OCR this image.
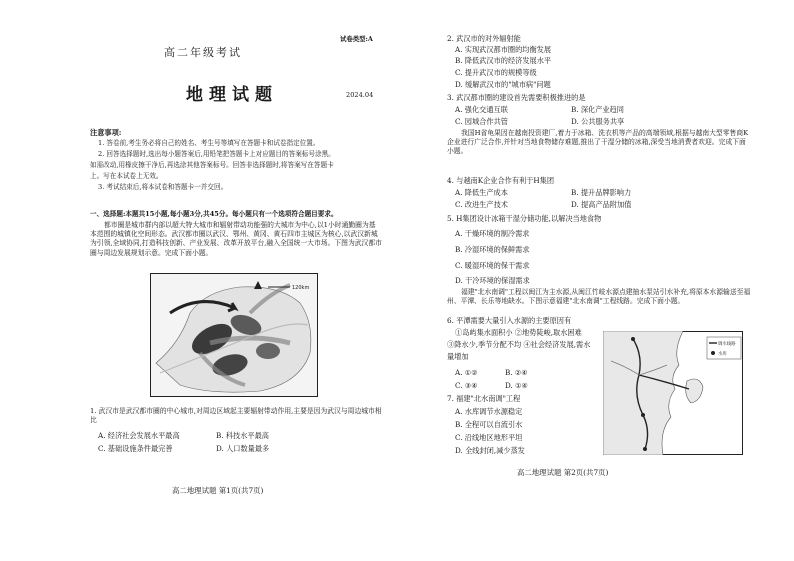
试卷类型:A
高二年级考试
地理试题	2024.04
注意事项:
1. 答卷前,考生务必将自己的姓名、考生号等填写在答题卡和试卷指定位置。
2. 回答选择题时,选出每小题答案后,用铅笔把答题卡上对应题目的答案标号涂黑。
如需改动,用橡皮擦干净后,再选涂其他答案标号。回答非选择题时,将答案写在答题卡
上。写在本试卷上无效。
3. 考试结束后,将本试卷和答题卡一并交回。
一、选择题:本题共15小题,每小题3分,共45分。每小题只有一个选项符合题目要求。
都市圈是城市群内部以超大特大城市和辐射带动功能强的大城市为中心,以1小时通勤圈为基本范围的城镇化空间形态。武汉都市圈以武汉、鄂州、黄冈、黄石四市主城区为核心,以武汉新城为引领,全域协同,打造科技创新、产业发展、改革开放平台,融入全国统一大市场。下图为武汉都市圈与周边发展规划示意。完成下面小题。
120km
1. 武汉市是武汉都市圈的中心城市,对周边区域起主要辐射带动作用,主要是因为武汉与周边城市相比
A. 经济社会发展水平最高	B. 科技水平最高
C. 基础设施条件最完善	D. 人口数量最多
高二地理试题 第1页(共7页)
2. 武汉市的对外辐射能
A. 实现武汉都市圈的均衡发展
B. 降低武汉市的经济发展水平
C. 提升武汉市的规模等级
D. 缓解武汉市的"城市病"问题
3. 武汉都市圈的建设首先需要积极推进的是
A. 强化交通互联	B. 深化产业趋同
C. 园城合作共管	D. 公共服务共享
我国H省龟果因在越南投资建厂,着力于冰箱、洗衣机等产品的高端领域,根据与越南大型零售商K企业进行广泛合作,并针对当地食物储存难题,推出了干湿分储的冰箱,深受当地消费者欢迎。完成下面小题。
4. 与越南K企业合作有利于H集团
A. 降低生产成本	B. 提升品牌影响力
C. 改进生产技术	D. 提高产品附加值
5. H集团设计冰箱干湿分储功能,以解决当地食物
A. 干燥环境的制冷需求
B. 冷湿环境的保鲜需求
C. 暖湿环境的保干需求
D. 干冷环境的保湿需求
福建"北水南调"工程以闽江为主水源,从闽江竹岐水源点建抽水泵站引水补充,将原本水源输送至福州、平潭、长乐等地缺水。下图示意福建"北水南调"工程线路。完成下面小题。
6. 平潭需要大量引入水源的主要原因有
①岛屿集水面积小 ②地势陡峻,取水困难
③降水少,季节分配不均 ④社会经济发展,需水
量增加
A. ①②	B. ②④
C. ③④	D. ①④
7. 福建"北水南调"工程
A. 水库调节水源稳定
B. 全程可以自流引水
C. 沿线地区地形平坦
D. 全线封闭,减少蒸发
调水线路
水库
高二地理试题 第2页(共7页)
